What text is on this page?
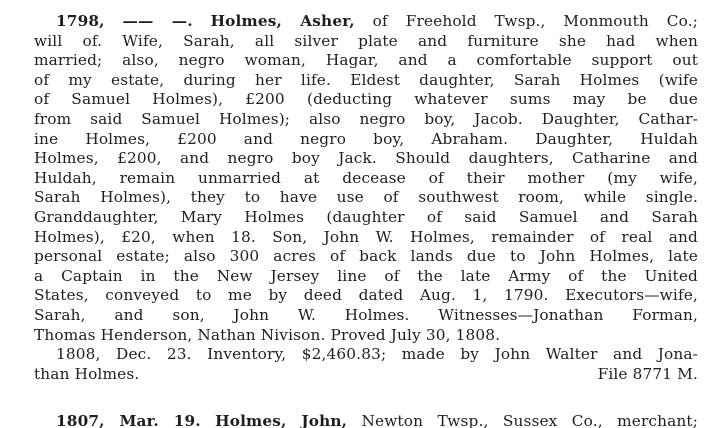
1798, —— —. Holmes, Asher, of Freehold Twsp., Monmouth Co.;
will of. Wife, Sarah, all silver plate and furniture she had when
married; also, negro woman, Hagar, and a comfortable support out
of my estate, during her life. Eldest daughter, Sarah Holmes (wife
of Samuel Holmes), £200 (deducting whatever sums may be due
from said Samuel Holmes); also negro boy, Jacob. Daughter, Cathar-
ine Holmes, £200 and negro boy, Abraham. Daughter, Huldah
Holmes, £200, and negro boy Jack. Should daughters, Catharine and
Huldah, remain unmarried at decease of their mother (my wife,
Sarah Holmes), they to have use of southwest room, while single.
Granddaughter, Mary Holmes (daughter of said Samuel and Sarah
Holmes), £20, when 18. Son, John W. Holmes, remainder of real and
personal estate; also 300 acres of back lands due to John Holmes, late
a Captain in the New Jersey line of the late Army of the United
States, conveyed to me by deed dated Aug. 1, 1790. Executors—wife,
Sarah, and son, John W. Holmes. Witnesses—Jonathan Forman,
Thomas Henderson, Nathan Nivison. Proved July 30, 1808.
1808, Dec. 23. Inventory, $2,460.83; made by John Walter and Jona-
than Holmes.	File 8771 M.
1807, Mar. 19. Holmes, John, Newton Twsp., Sussex Co., merchant;
